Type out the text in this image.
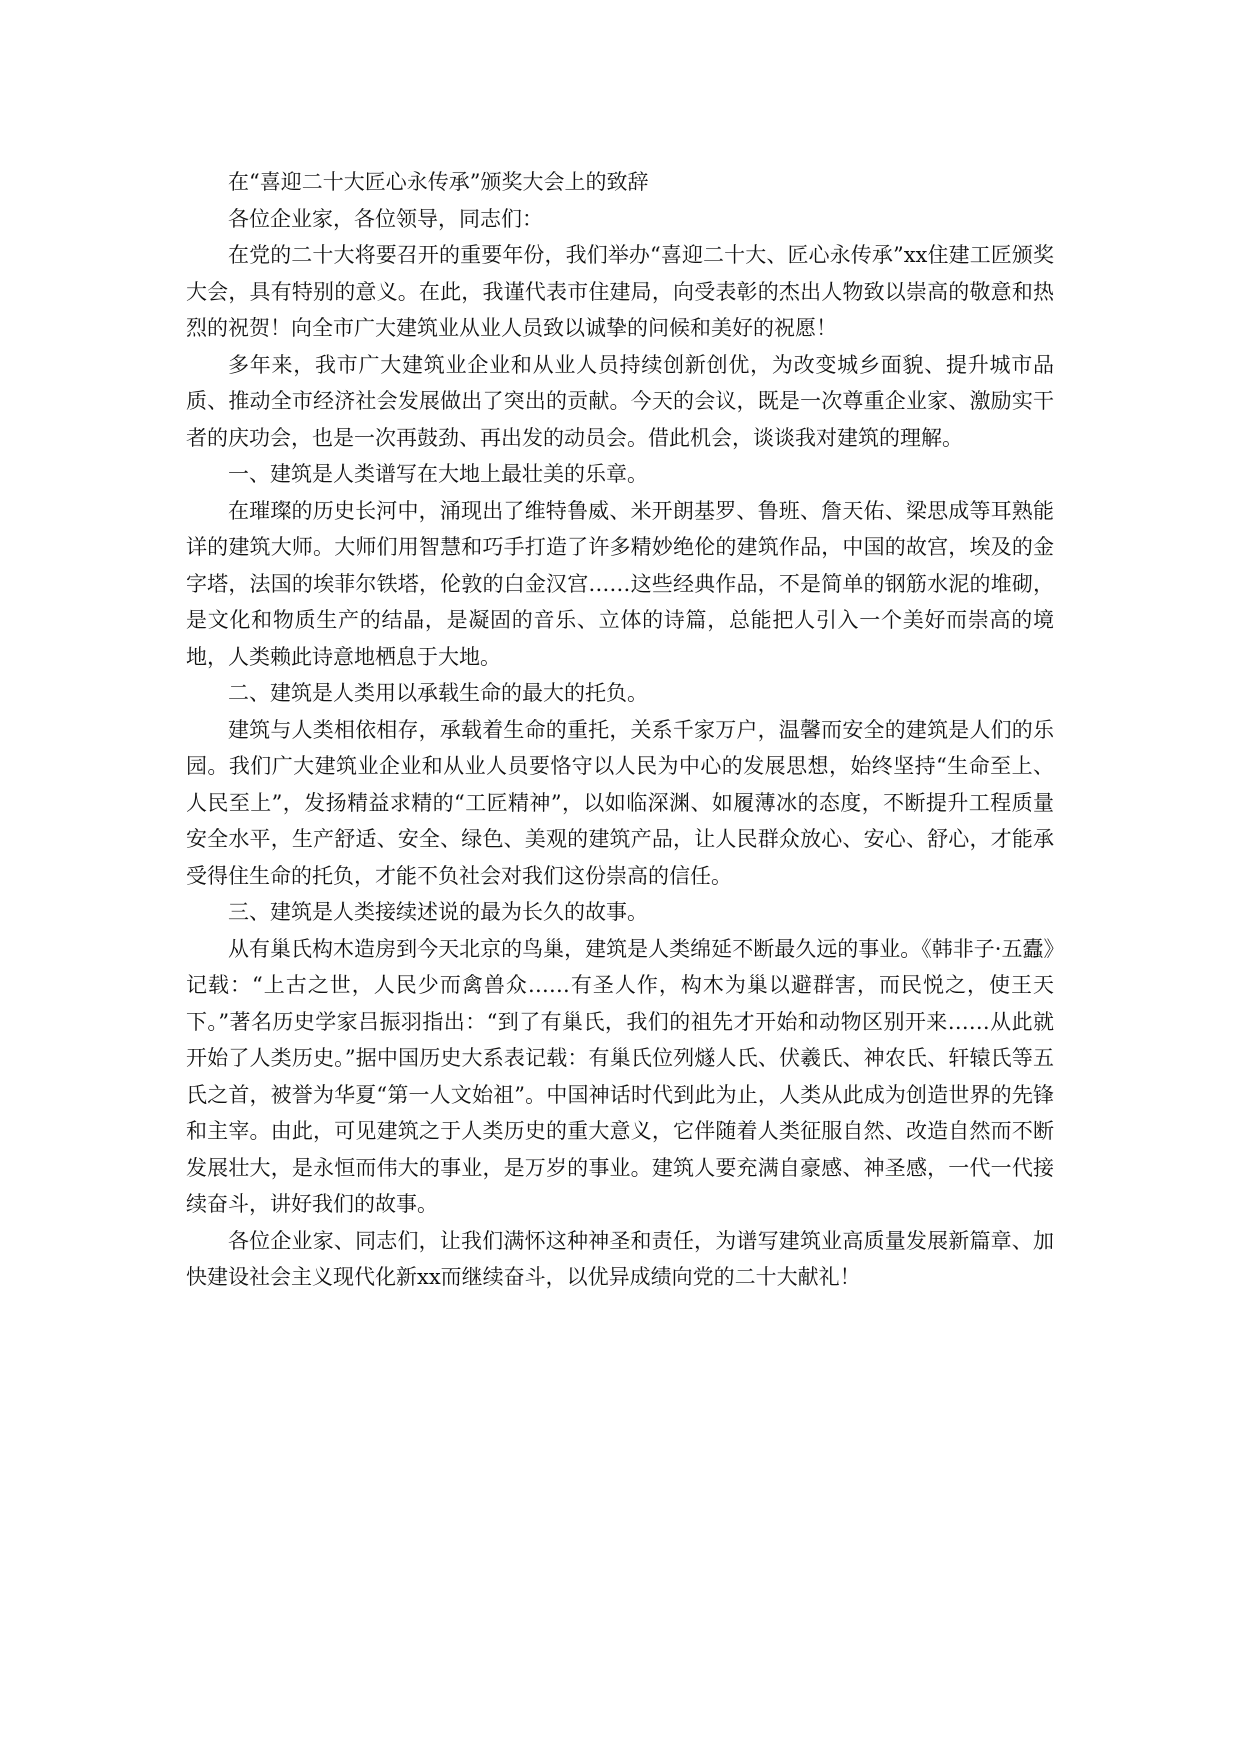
在“喜迎二十大匠心永传承”颁奖大会上的致辞

各位企业家，各位领导，同志们：

在党的二十大将要召开的重要年份，我们举办“喜迎二十大、匠心永传承”xx住建工匠颁奖大会，具有特别的意义。在此，我谨代表市住建局，向受表彰的杰出人物致以崇高的敬意和热烈的祝贺！向全市广大建筑业从业人员致以诚挚的问候和美好的祝愿！

多年来，我市广大建筑业企业和从业人员持续创新创优，为改变城乡面貌、提升城市品质、推动全市经济社会发展做出了突出的贡献。今天的会议，既是一次尊重企业家、激励实干者的庆功会，也是一次再鼓劲、再出发的动员会。借此机会，谈谈我对建筑的理解。

一、建筑是人类谱写在大地上最壮美的乐章。

在璀璨的历史长河中，涌现出了维特鲁威、米开朗基罗、鲁班、詹天佑、梁思成等耳熟能详的建筑大师。大师们用智慧和巧手打造了许多精妙绝伦的建筑作品，中国的故宫，埃及的金字塔，法国的埃菲尔铁塔，伦敦的白金汉宫……这些经典作品，不是简单的钢筋水泥的堆砌，是文化和物质生产的结晶，是凝固的音乐、立体的诗篇，总能把人引入一个美好而崇高的境地，人类赖此诗意地栖息于大地。

二、建筑是人类用以承载生命的最大的托负。

建筑与人类相依相存，承载着生命的重托，关系千家万户，温馨而安全的建筑是人们的乐园。我们广大建筑业企业和从业人员要恪守以人民为中心的发展思想，始终坚持“生命至上、人民至上”，发扬精益求精的“工匠精神”，以如临深渊、如履薄冰的态度，不断提升工程质量安全水平，生产舒适、安全、绿色、美观的建筑产品，让人民群众放心、安心、舒心，才能承受得住生命的托负，才能不负社会对我们这份崇高的信任。

三、建筑是人类接续述说的最为长久的故事。

从有巢氏构木造房到今天北京的鸟巢，建筑是人类绵延不断最久远的事业。《韩非子·五蠹》记载：“上古之世，人民少而禽兽众……有圣人作，构木为巢以避群害，而民悦之，使王天下。”著名历史学家吕振羽指出：“到了有巢氏，我们的祖先才开始和动物区别开来……从此就开始了人类历史。”据中国历史大系表记载：有巢氏位列燧人氏、伏羲氏、神农氏、轩辕氏等五氏之首，被誉为华夏“第一人文始祖”。中国神话时代到此为止，人类从此成为创造世界的先锋和主宰。由此，可见建筑之于人类历史的重大意义，它伴随着人类征服自然、改造自然而不断发展壮大，是永恒而伟大的事业，是万岁的事业。建筑人要充满自豪感、神圣感，一代一代接续奋斗，讲好我们的故事。

各位企业家、同志们，让我们满怀这种神圣和责任，为谱写建筑业高质量发展新篇章、加快建设社会主义现代化新xx而继续奋斗，以优异成绩向党的二十大献礼！
